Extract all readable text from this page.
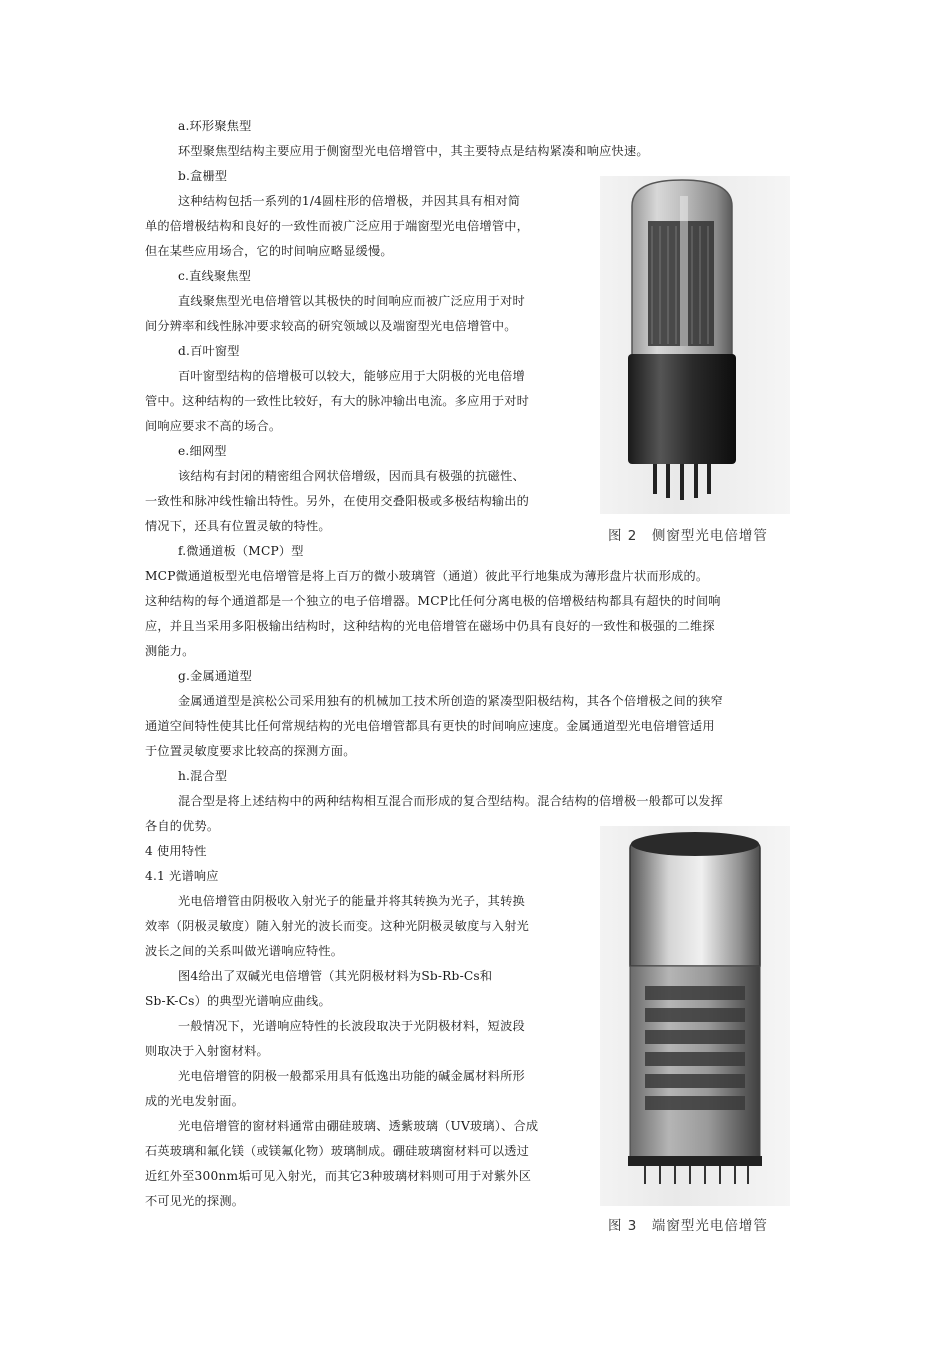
a.环形聚焦型
环型聚焦型结构主要应用于侧窗型光电倍增管中，其主要特点是结构紧凑和响应快速。
b.盒栅型
这种结构包括一系列的1/4圆柱形的倍增极，并因其具有相对简
单的倍增极结构和良好的一致性而被广泛应用于端窗型光电倍增管中，
但在某些应用场合，它的时间响应略显缓慢。
c.直线聚焦型
直线聚焦型光电倍增管以其极快的时间响应而被广泛应用于对时
间分辨率和线性脉冲要求较高的研究领域以及端窗型光电倍增管中。
d.百叶窗型
百叶窗型结构的倍增极可以较大，能够应用于大阴极的光电倍增
管中。这种结构的一致性比较好，有大的脉冲输出电流。多应用于对时
间响应要求不高的场合。
e.细网型
该结构有封闭的精密组合网状倍增级，因而具有极强的抗磁性、
一致性和脉冲线性输出特性。另外，在使用交叠阳极或多极结构输出的
情况下，还具有位置灵敏的特性。
f.微通道板（MCP）型
MCP微通道板型光电倍增管是将上百万的微小玻璃管（通道）彼此平行地集成为薄形盘片状而形成的。
这种结构的每个通道都是一个独立的电子倍增器。MCP比任何分离电极的倍增极结构都具有超快的时间响
应，并且当采用多阳极输出结构时，这种结构的光电倍增管在磁场中仍具有良好的一致性和极强的二维探
测能力。
g.金属通道型
金属通道型是滨松公司采用独有的机械加工技术所创造的紧凑型阳极结构，其各个倍增极之间的狭窄
通道空间特性使其比任何常规结构的光电倍增管都具有更快的时间响应速度。金属通道型光电倍增管适用
于位置灵敏度要求比较高的探测方面。
h.混合型
混合型是将上述结构中的两种结构相互混合而形成的复合型结构。混合结构的倍增极一般都可以发挥
各自的优势。
4 使用特性
4.1 光谱响应
光电倍增管由阴极收入射光子的能量并将其转换为光子，其转换
效率（阴极灵敏度）随入射光的波长而变。这种光阴极灵敏度与入射光
波长之间的关系叫做光谱响应特性。
图4给出了双碱光电倍增管（其光阴极材料为Sb-Rb-Cs和
Sb-K-Cs）的典型光谱响应曲线。
一般情况下，光谱响应特性的长波段取决于光阴极材料，短波段
则取决于入射窗材料。
光电倍增管的阴极一般都采用具有低逸出功能的碱金属材料所形
成的光电发射面。
光电倍增管的窗材料通常由硼硅玻璃、透紫玻璃（UV玻璃）、合成
石英玻璃和氟化镁（或镁氟化物）玻璃制成。硼硅玻璃窗材料可以透过
近红外至300nm垢可见入射光，而其它3种玻璃材料则可用于对紫外区
不可见光的探测。
图 2　侧窗型光电倍增管
图 3　端窗型光电倍增管
